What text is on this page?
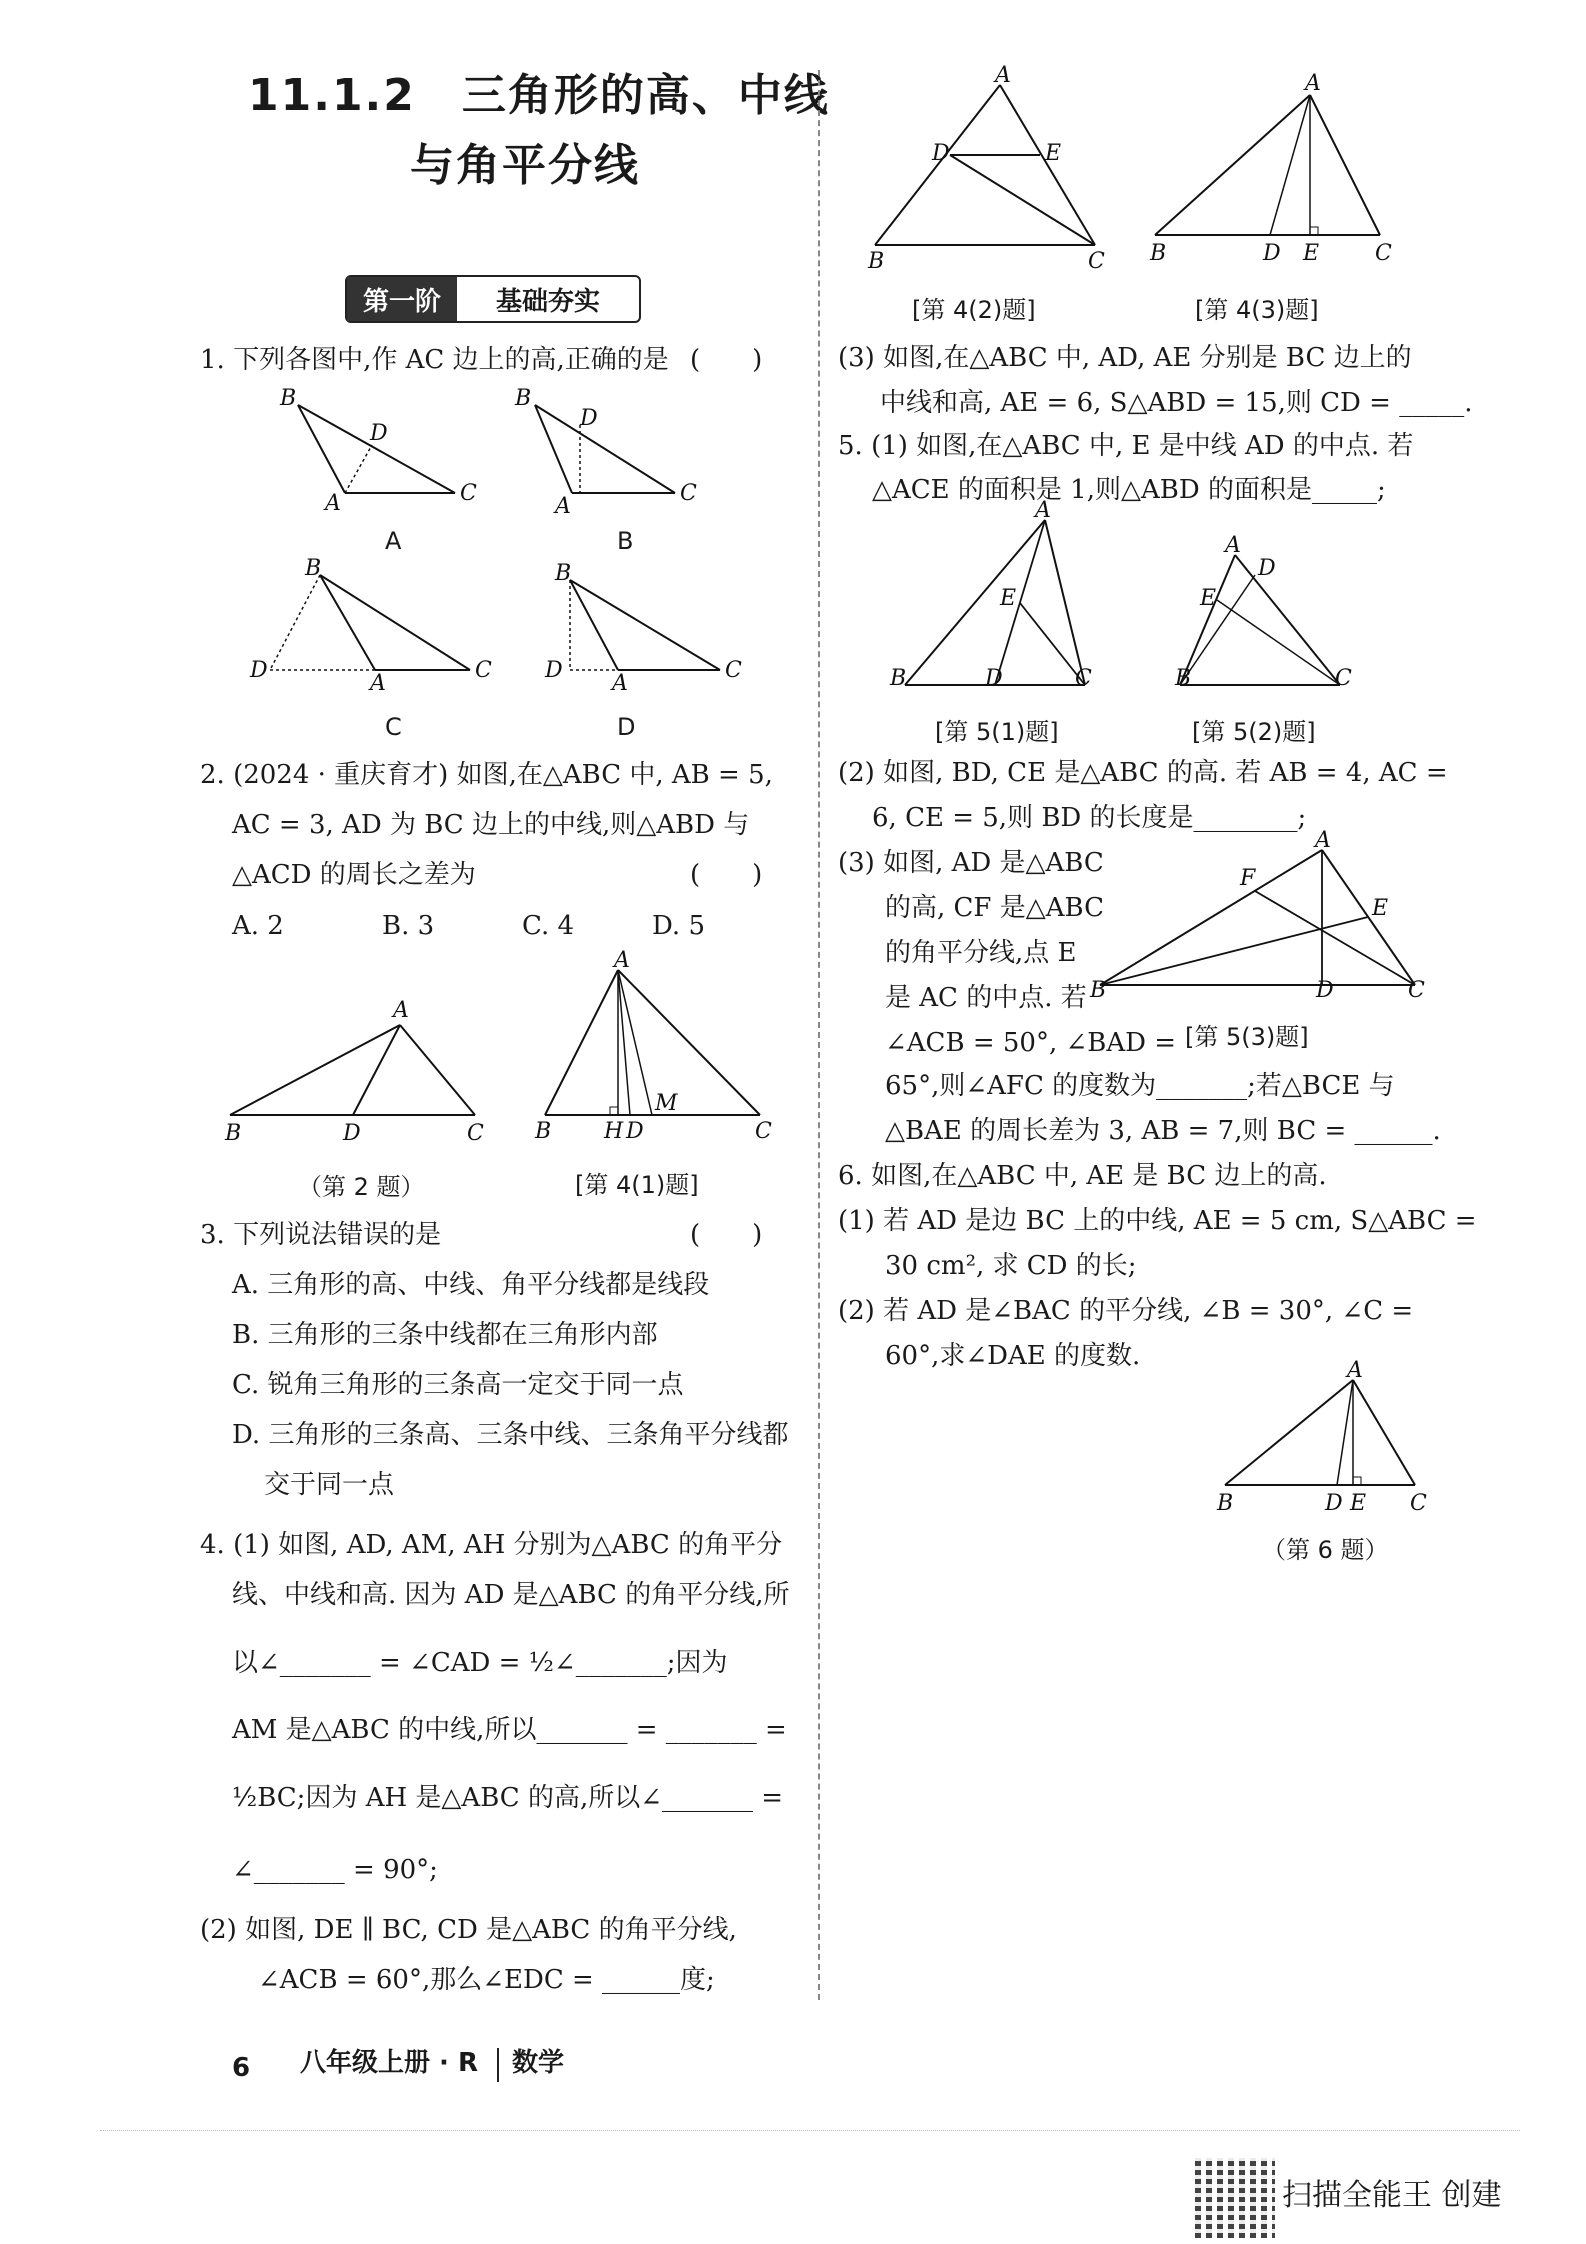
11.1.2　三角形的高、中线
与角平分线
第一阶	基础夯实
1. 下列各图中,作 AC 边上的高,正确的是 (　　)
B
D
A	C
B
D
A
C
B
D
A
C
B
D
A
C
A	B
C	D
2. (2024 · 重庆育才) 如图,在△ABC 中, AB = 5,
AC = 3, AD 为 BC 边上的中线,则△ABD 与
△ACD 的周长之差为	(　　)
A. 2	B. 3	C. 4	D. 5
A
B	D	C
（第 2 题）
A
B H D
M
C
[第 4(1)题]
3. 下列说法错误的是	(　　)
A. 三角形的高、中线、角平分线都是线段
B. 三角形的三条中线都在三角形内部
C. 锐角三角形的三条高一定交于同一点
D. 三角形的三条高、三条中线、三条角平分线都
交于同一点
4. (1) 如图, AD, AM, AH 分别为△ABC 的角平分
线、中线和高. 因为 AD 是△ABC 的角平分线,所
以∠_______ = ∠CAD = ½∠_______;因为
AM 是△ABC 的中线,所以_______ = _______ =
½BC;因为 AH 是△ABC 的高,所以∠_______ =
∠_______ = 90°;
(2) 如图, DE ∥ BC, CD 是△ABC 的角平分线,
∠ACB = 60°,那么∠EDC = ______度;
A
D	E
B	C
[第 4(2)题]
A
B	D E	C
[第 4(3)题]
(3) 如图,在△ABC 中, AD, AE 分别是 BC 边上的
中线和高, AE = 6, S△ABD = 15,则 CD = _____.
5. (1) 如图,在△ABC 中, E 是中线 AD 的中点. 若
△ACE 的面积是 1,则△ABD 的面积是_____;
A
E
B	D	C
[第 5(1)题]
A
E
D
B	C
[第 5(2)题]
(2) 如图, BD, CE 是△ABC 的高. 若 AB = 4, AC =
6, CE = 5,则 BD 的长度是________;
(3) 如图, AD 是△ABC
的高, CF 是△ABC
的角平分线,点 E
是 AC 的中点. 若
∠ACB = 50°, ∠BAD =
A
F
E
B	D	C
[第 5(3)题]
65°,则∠AFC 的度数为_______;若△BCE 与
△BAE 的周长差为 3, AB = 7,则 BC = ______.
6. 如图,在△ABC 中, AE 是 BC 边上的高.
(1) 若 AD 是边 BC 上的中线, AE = 5 cm, S△ABC =
30 cm², 求 CD 的长;
(2) 若 AD 是∠BAC 的平分线, ∠B = 30°, ∠C =
60°,求∠DAE 的度数.	A
B	D E C
（第 6 题）
6 八年级上册 · R 数学
扫描全能王 创建
